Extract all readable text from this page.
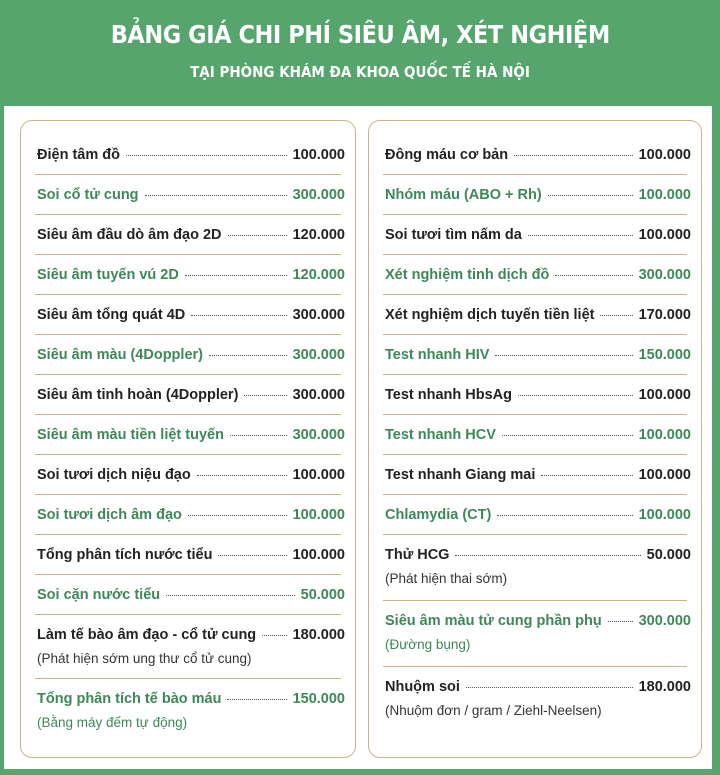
BẢNG GIÁ CHI PHÍ SIÊU ÂM, XÉT NGHIỆM
TẠI PHÒNG KHÁM ĐA KHOA QUỐC TẾ HÀ NỘI
Điện tâm đồ	100.000
Soi cổ tử cung	300.000
Siêu âm đầu dò âm đạo 2D	120.000
Siêu âm tuyến vú 2D	120.000
Siêu âm tổng quát 4D	300.000
Siêu âm màu (4Doppler)	300.000
Siêu âm tinh hoàn (4Doppler)	300.000
Siêu âm màu tiền liệt tuyến	300.000
Soi tươi dịch niệu đạo	100.000
Soi tươi dịch âm đạo	100.000
Tổng phân tích nước tiểu	100.000
Soi cặn nước tiểu	50.000
Làm tế bào âm đạo - cổ tử cung	180.000
(Phát hiện sớm ung thư cổ tử cung)
Tổng phân tích tế bào máu	150.000
(Bằng máy đếm tự động)
Đông máu cơ bản	100.000
Nhóm máu (ABO + Rh)	100.000
Soi tươi tìm nấm da	100.000
Xét nghiệm tinh dịch đồ	300.000
Xét nghiệm dịch tuyến tiền liệt	170.000
Test nhanh HIV	150.000
Test nhanh HbsAg	100.000
Test nhanh HCV	100.000
Test nhanh Giang mai	100.000
Chlamydia (CT)	100.000
Thử HCG	50.000
(Phát hiện thai sớm)
Siêu âm màu tử cung phần phụ	300.000
(Đường bụng)
Nhuộm soi	180.000
(Nhuộm đơn / gram / Ziehl-Neelsen)
